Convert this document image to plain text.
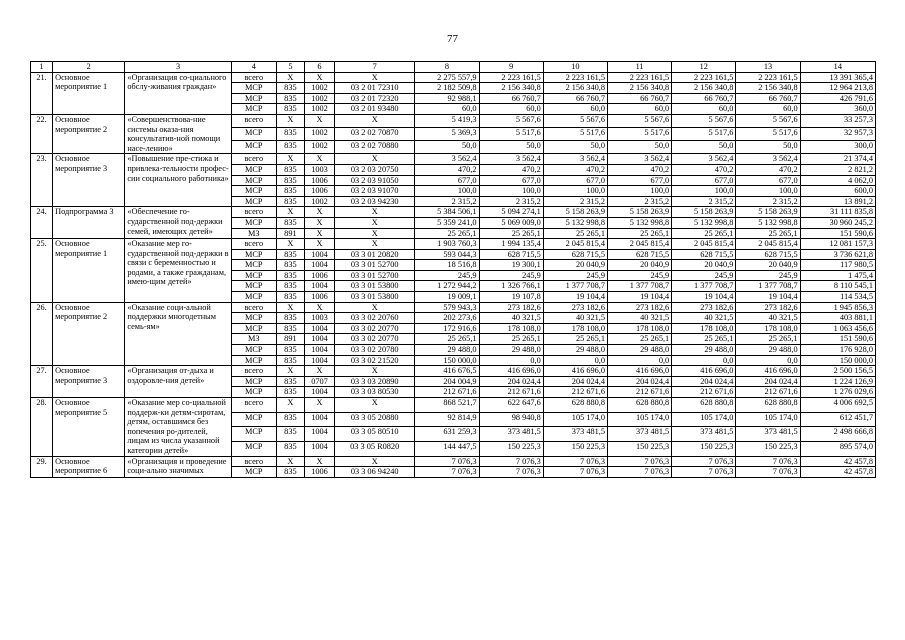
77
1	2	3	4	5	6	7	8	9	10	11	12	13	14
21.	Основное мероприятие 1	«Организация со-циального обслу-живания граждан»	всего	Х	Х	Х	2 275 557,9	2 223 161,5	2 223 161,5	2 223 161,5	2 223 161,5	2 223 161,5	13 391 365,4
			МСР	835	1002	03 2 01 72310	2 182 509,8	2 156 340,8	2 156 340,8	2 156 340,8	2 156 340,8	2 156 340,8	12 964 213,8
			МСР	835	1002	03 2 01 72320	92 988,1	66 760,7	66 760,7	66 760,7	66 760,7	66 760,7	426 791,6
			МСР	835	1002	03 2 01 93480	60,0	60,0	60,0	60,0	60,0	60,0	360,0
22.	Основное мероприятие 2	«Совершенствова-ние системы оказа-ния консультатив-ной помощи насе-лению»	всего	Х	Х	Х	5 419,3	5 567,6	5 567,6	5 567,6	5 567,6	5 567,6	33 257,3
			МСР	835	1002	03 2 02 70870	5 369,3	5 517,6	5 517,6	5 517,6	5 517,6	5 517,6	32 957,3
			МСР	835	1002	03 2 02 70880	50,0	50,0	50,0	50,0	50,0	50,0	300,0
23.	Основное мероприятие 3	«Повышение пре-стижа и привлека-тельности профес-сии социального работника»	всего	Х	Х	Х	3 562,4	3 562,4	3 562,4	3 562,4	3 562,4	3 562,4	21 374,4
			МСР	835	1003	03 2 03 20750	470,2	470,2	470,2	470,2	470,2	470,2	2 821,2
			МСР	835	1006	03 2 03 91050	677,0	677,0	677,0	677,0	677,0	677,0	4 062,0
			МСР	835	1006	03 2 03 91070	100,0	100,0	100,0	100,0	100,0	100,0	600,0
			МСР	835	1002	03 2 03 94230	2 315,2	2 315,2	2 315,2	2 315,2	2 315,2	2 315,2	13 891,2
24.	Подпрограмма 3	«Обеспечение го-сударственной под-держки семей, имеющих детей»	всего	Х	Х	Х	5 384 506,1	5 094 274,1	5 158 263,9	5 158 263,9	5 158 263,9	5 158 263,9	31 111 835,8
			МСР	835	Х	Х	5 359 241,0	5 069 009,0	5 132 998,8	5 132 998,8	5 132 998,8	5 132 998,8	30 960 245,2
			МЗ	891	Х	Х	25 265,1	25 265,1	25 265,1	25 265,1	25 265,1	25 265,1	151 590,6
25.	Основное мероприятие 1	«Оказание мер го-сударственной под-держки в связи с беременностью и родами, а также гражданам, имею-щим детей»	всего	Х	Х	Х	1 903 760,3	1 994 135,4	2 045 815,4	2 045 815,4	2 045 815,4	2 045 815,4	12 081 157,3
			МСР	835	1004	03 3 01 20820	593 044,3	628 715,5	628 715,5	628 715,5	628 715,5	628 715,5	3 736 621,8
			МСР	835	1004	03 3 01 52700	18 516,8	19 300,1	20 040,9	20 040,9	20 040,9	20 040,9	117 980,5
			МСР	835	1006	03 3 01 52700	245,9	245,9	245,9	245,9	245,9	245,9	1 475,4
			МСР	835	1004	03 3 01 53800	1 272 944,2	1 326 766,1	1 377 708,7	1 377 708,7	1 377 708,7	1 377 708,7	8 110 545,1
			МСР	835	1006	03 3 01 53800	19 009,1	19 107,8	19 104,4	19 104,4	19 104,4	19 104,4	114 534,5
26.	Основное мероприятие 2	«Оказание соци-альной поддержки многодетным семь-ям»	всего	Х	Х	Х	579 943,3	273 182,6	273 182,6	273 182,6	273 182,6	273 182,6	1 945 856,3
			МСР	835	1003	03 3 02 20760	202 273,6	40 321,5	40 321,5	40 321,5	40 321,5	40 321,5	403 881,1
			МСР	835	1004	03 3 02 20770	172 916,6	178 108,0	178 108,0	178 108,0	178 108,0	178 108,0	1 063 456,6
			МЗ	891	1004	03 3 02 20770	25 265,1	25 265,1	25 265,1	25 265,1	25 265,1	25 265,1	151 590,6
			МСР	835	1004	03 3 02 20780	29 488,0	29 488,0	29 488,0	29 488,0	29 488,0	29 488,0	176 928,0
			МСР	835	1004	03 3 02 21520	150 000,0	0,0	0,0	0,0	0,0	0,0	150 000,0
27.	Основное мероприятие 3	«Организация от-дыха и оздоровле-ния детей»	всего	Х	Х	Х	416 676,5	416 696,0	416 696,0	416 696,0	416 696,0	416 696,0	2 500 156,5
			МСР	835	0707	03 3 03 20890	204 004,9	204 024,4	204 024,4	204 024,4	204 024,4	204 024,4	1 224 126,9
			МСР	835	1004	03 3 03 80530	212 671,6	212 671,6	212 671,6	212 671,6	212 671,6	212 671,6	1 276 029,6
28.	Основное мероприятие 5	«Оказание мер со-циальной поддерж-ки детям-сиротам, детям, оставшимся без попечения ро-дителей, лицам из числа указанной категории детей»	всего	Х	Х	Х	868 521,7	622 647,6	628 880,8	628 880,8	628 880,8	628 880,8	4 006 692,5
			МСР	835	1004	03 3 05 20880	92 814,9	98 940,8	105 174,0	105 174,0	105 174,0	105 174,0	612 451,7
			МСР	835	1004	03 3 05 80510	631 259,3	373 481,5	373 481,5	373 481,5	373 481,5	373 481,5	2 498 666,8
			МСР	835	1004	03 3 05 R0820	144 447,5	150 225,3	150 225,3	150 225,3	150 225,3	150 225,3	895 574,0
29.	Основное мероприятие 6	«Организация и проведение соци-ально значимых	всего	Х	Х	Х	7 076,3	7 076,3	7 076,3	7 076,3	7 076,3	7 076,3	42 457,8
			МСР	835	1006	03 3 06 94240	7 076,3	7 076,3	7 076,3	7 076,3	7 076,3	7 076,3	42 457,8
